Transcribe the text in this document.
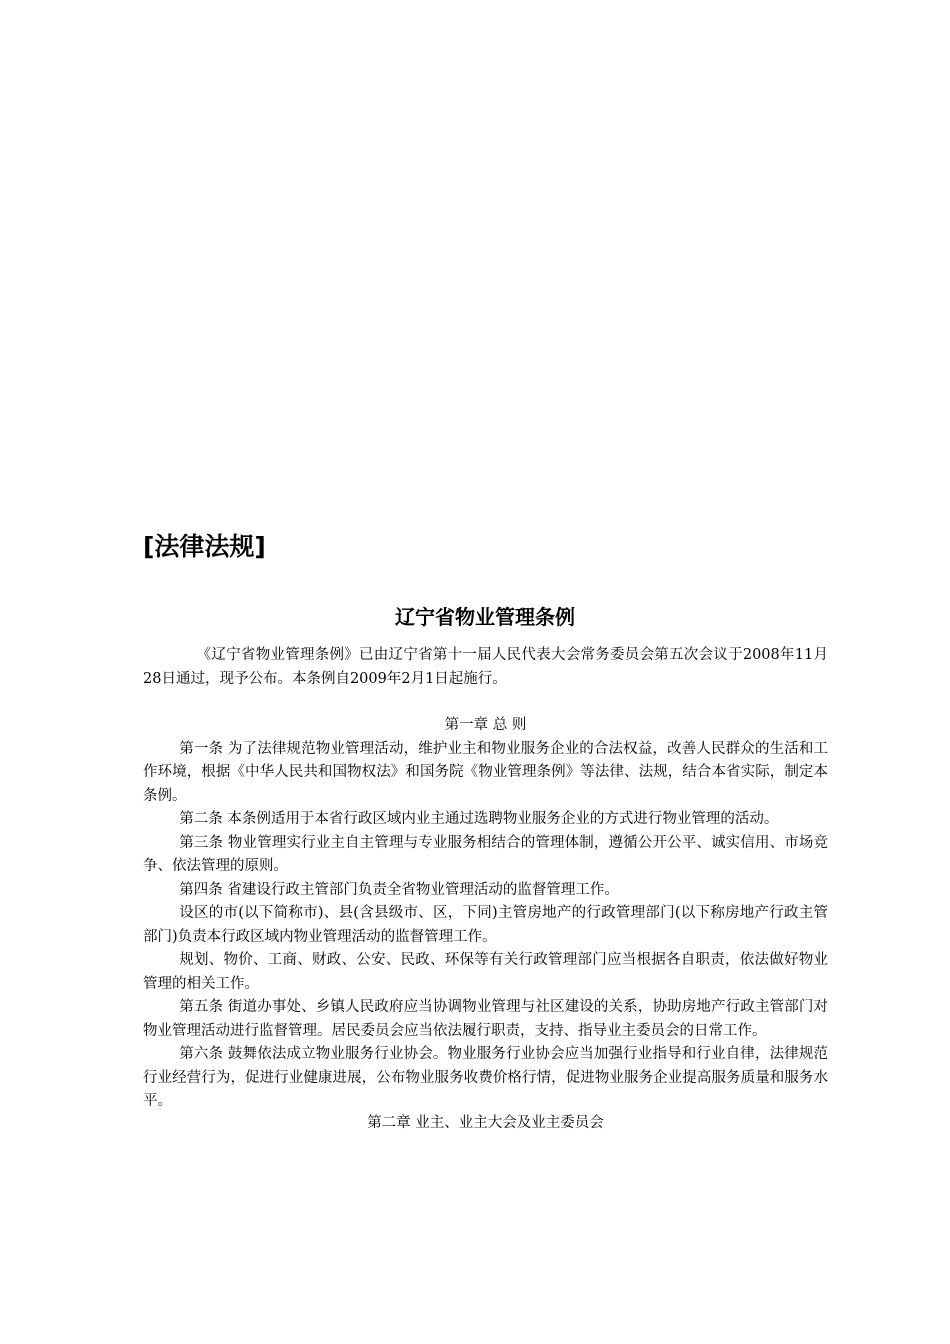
[法律法规]
辽宁省物业管理条例

《辽宁省物业管理条例》已由辽宁省第十一届人民代表大会常务委员会第五次会议于2008年11月28日通过，现予公布。本条例自2009年2月1日起施行。

第一章 总 则

第一条 为了法律规范物业管理活动，维护业主和物业服务企业的合法权益，改善人民群众的生活和工作环境，根据《中华人民共和国物权法》和国务院《物业管理条例》等法律、法规，结合本省实际，制定本条例。

第二条 本条例适用于本省行政区域内业主通过选聘物业服务企业的方式进行物业管理的活动。

第三条 物业管理实行业主自主管理与专业服务相结合的管理体制，遵循公开公平、诚实信用、市场竞争、依法管理的原则。

第四条 省建设行政主管部门负责全省物业管理活动的监督管理工作。

设区的市(以下简称市)、县(含县级市、区，下同)主管房地产的行政管理部门(以下称房地产行政主管部门)负责本行政区域内物业管理活动的监督管理工作。

规划、物价、工商、财政、公安、民政、环保等有关行政管理部门应当根据各自职责，依法做好物业管理的相关工作。

第五条 街道办事处、乡镇人民政府应当协调物业管理与社区建设的关系，协助房地产行政主管部门对物业管理活动进行监督管理。居民委员会应当依法履行职责，支持、指导业主委员会的日常工作。

第六条 鼓舞依法成立物业服务行业协会。物业服务行业协会应当加强行业指导和行业自律，法律规范行业经营行为，促进行业健康进展，公布物业服务收费价格行情，促进物业服务企业提高服务质量和服务水平。

第二章 业主、业主大会及业主委员会
